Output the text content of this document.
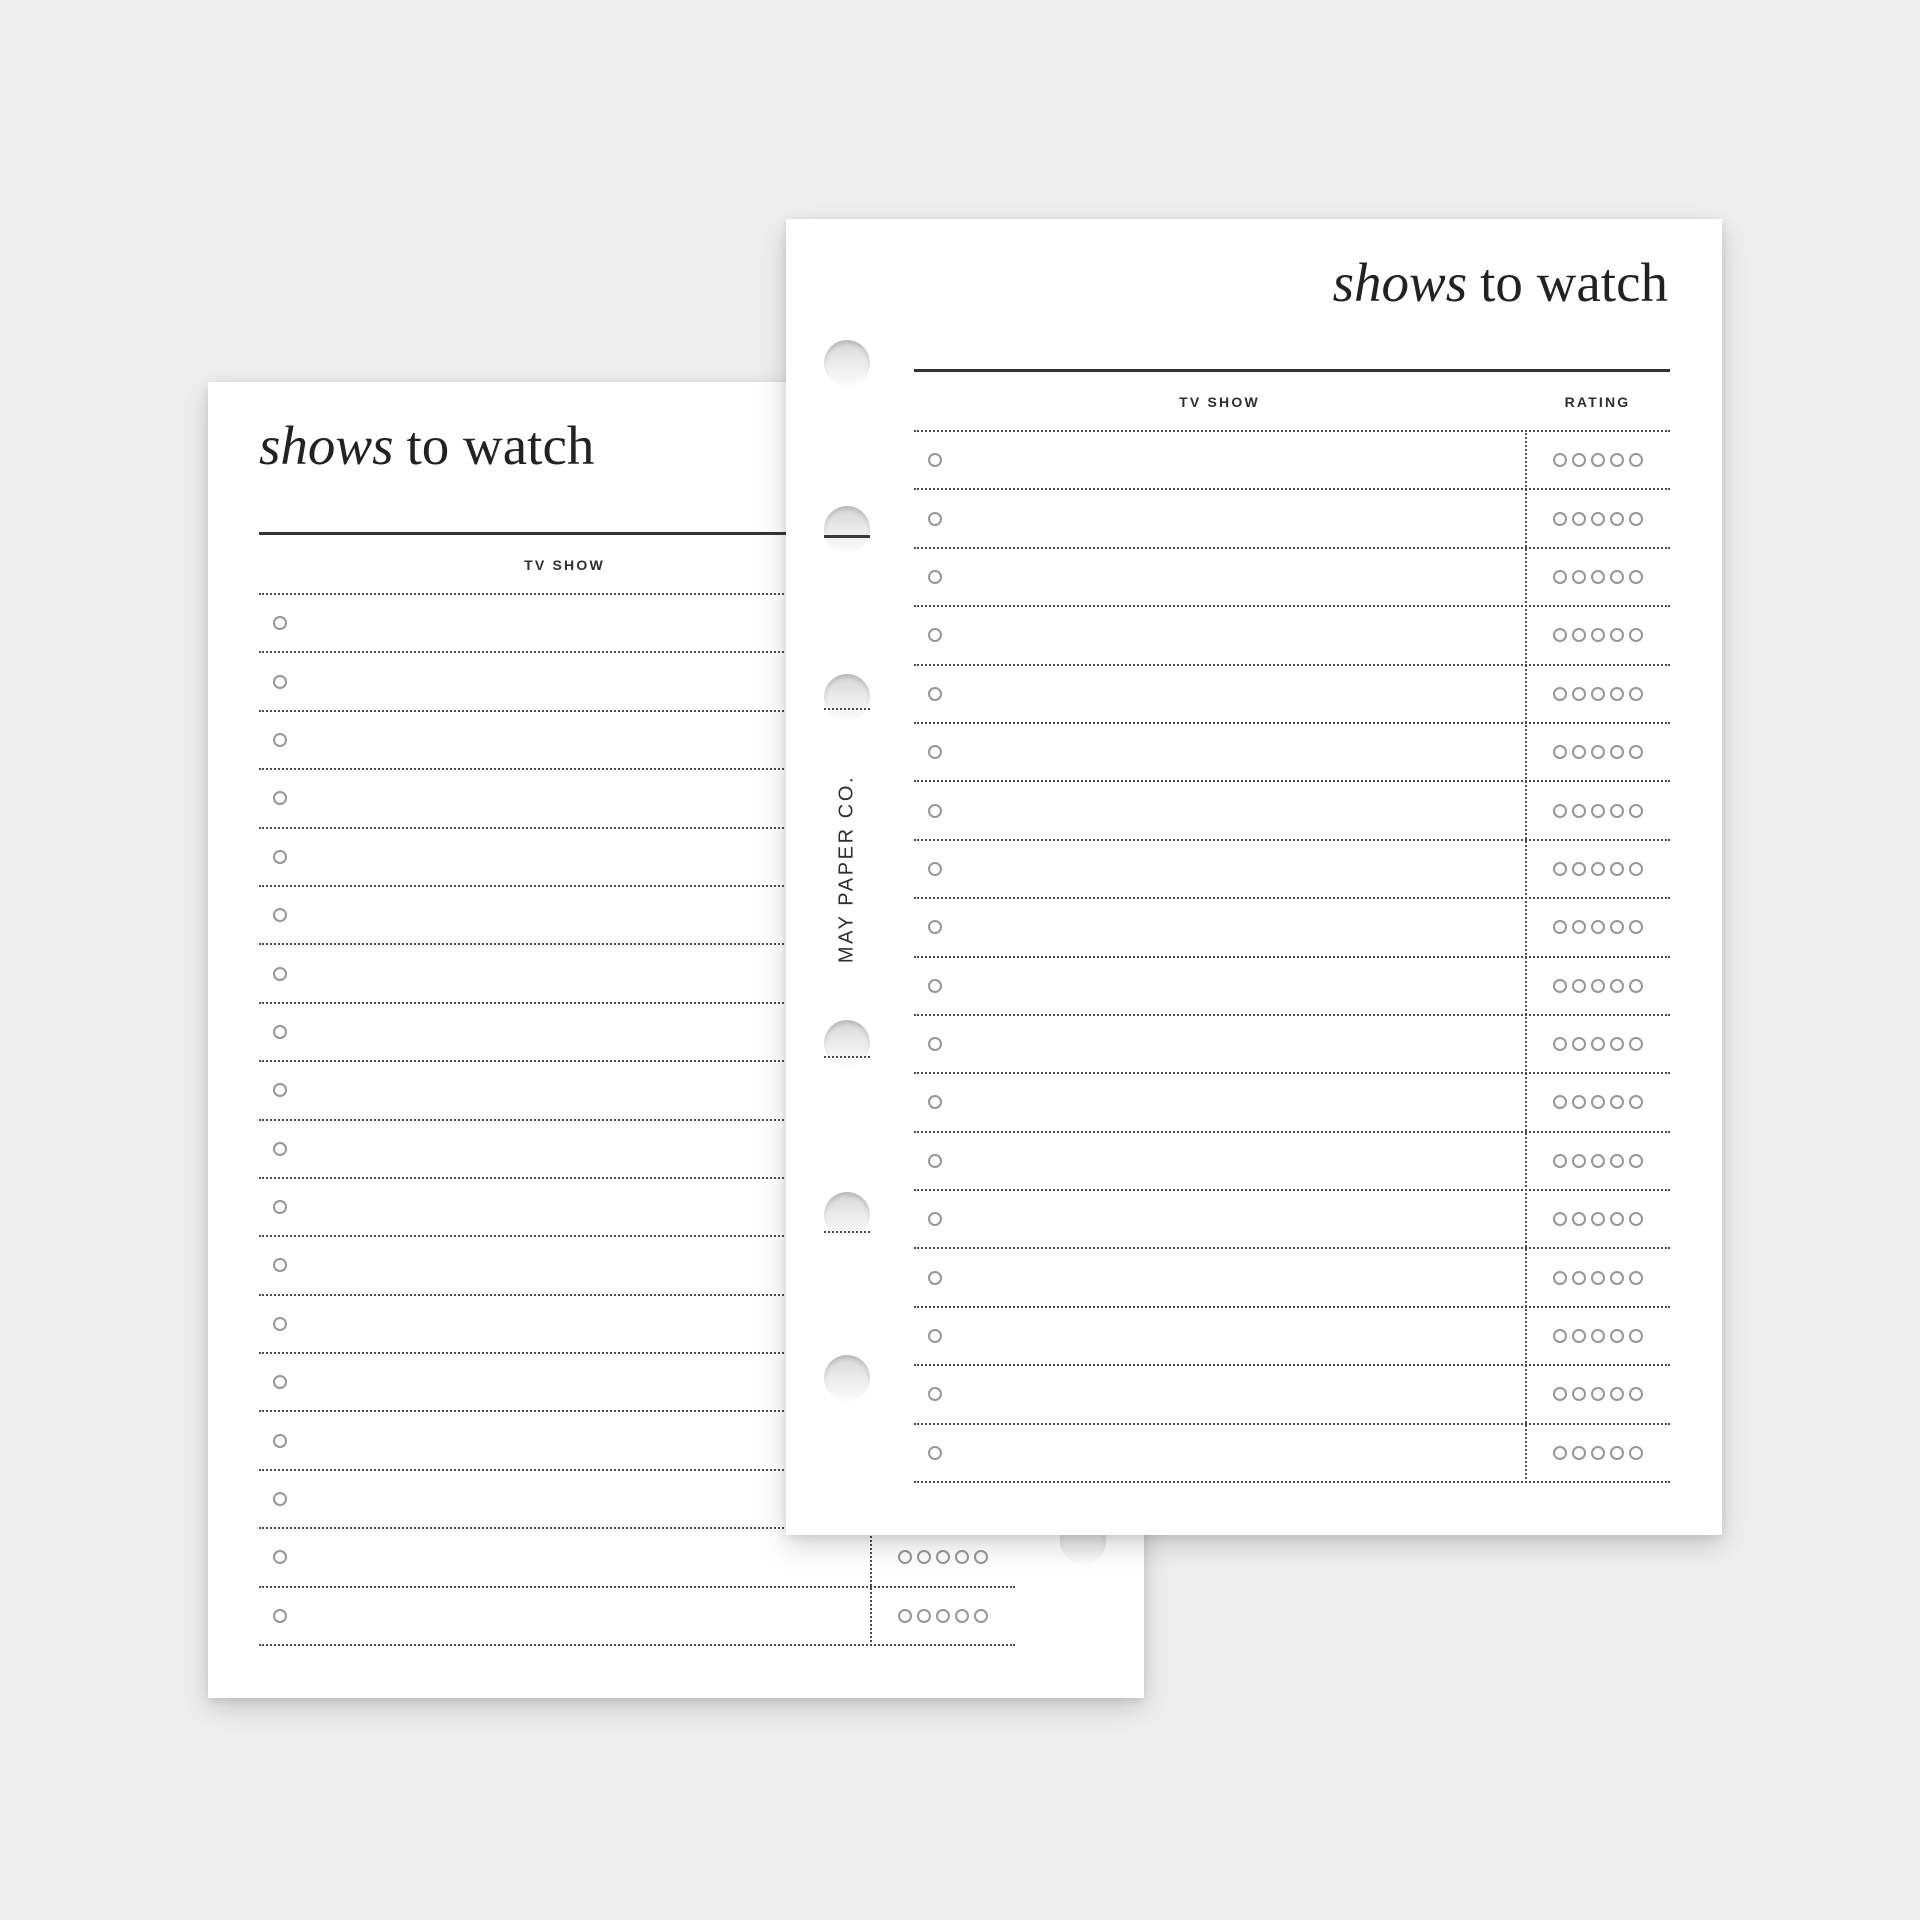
shows to watch
TV SHOW
shows to watch
TV SHOW	RATING
MAY PAPER CO.
